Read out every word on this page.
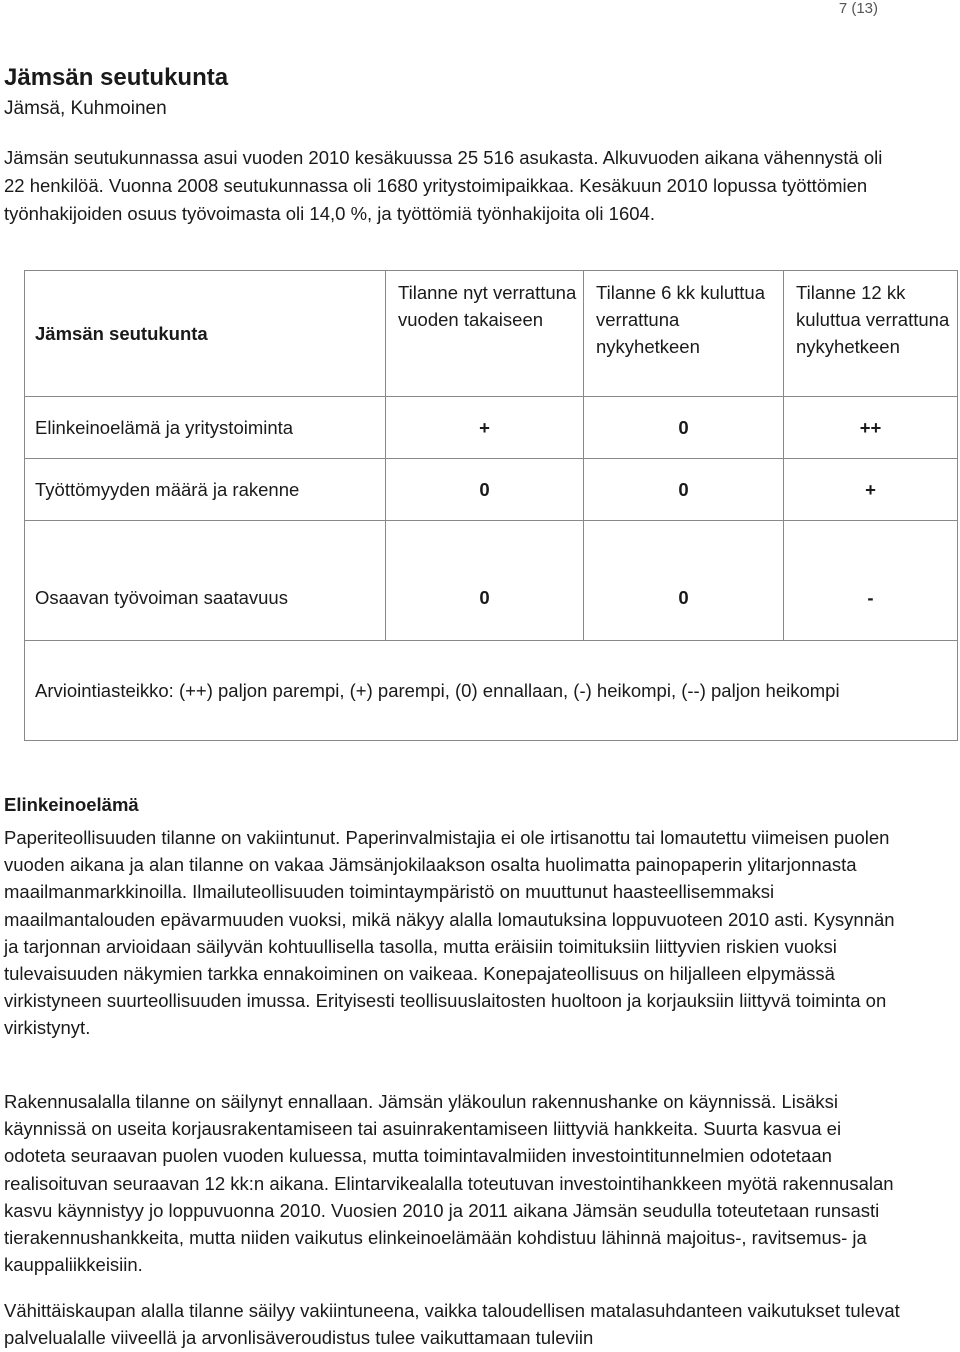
7 (13)
Jämsän seutukunta
Jämsä, Kuhmoinen

Jämsän seutukunnassa asui vuoden 2010 kesäkuussa 25 516 asukasta. Alkuvuoden aikana vähennystä oli 22 henkilöä. Vuonna 2008 seutukunnassa oli 1680 yritystoimipaikkaa. Kesäkuun 2010 lopussa työttömien työnhakijoiden osuus työvoimasta oli 14,0 %, ja työttömiä työnhakijoita oli 1604.

Jämsän seutukunta	Tilanne nyt verrattuna vuoden takaiseen	Tilanne 6 kk kuluttua verrattuna nykyhetkeen	Tilanne 12 kk kuluttua verrattuna nykyhetkeen
Elinkeinoelämä ja yritystoiminta	+	0	++
Työttömyyden määrä ja rakenne	0	0	+

Osaavan työvoiman saatavuus	0	0	-

Arviointiasteikko: (++) paljon parempi, (+) parempi, (0) ennallaan, (-) heikompi, (--) paljon heikompi			
Elinkeinoelämä

Paperiteollisuuden tilanne on vakiintunut. Paperinvalmistajia ei ole irtisanottu tai lomautettu viimeisen puolen vuoden aikana ja alan tilanne on vakaa Jämsänjokilaakson osalta huolimatta painopaperin ylitarjonnasta maailmanmarkkinoilla. Ilmailuteollisuuden toimintaympäristö on muuttunut haasteellisemmaksi maailmantalouden epävarmuuden vuoksi, mikä näkyy alalla lomautuksina loppuvuoteen 2010 asti. Kysynnän ja tarjonnan arvioidaan säilyvän kohtuullisella tasolla, mutta eräisiin toimituksiin liittyvien riskien vuoksi tulevaisuuden näkymien tarkka ennakoiminen on vaikeaa. Konepajateollisuus on hiljalleen elpymässä virkistyneen suurteollisuuden imussa. Erityisesti teollisuuslaitosten huoltoon ja korjauksiin liittyvä toiminta on virkistynyt.

Rakennusalalla tilanne on säilynyt ennallaan. Jämsän yläkoulun rakennushanke on käynnissä. Lisäksi käynnissä on useita korjausrakentamiseen tai asuinrakentamiseen liittyviä hankkeita. Suurta kasvua ei odoteta seuraavan puolen vuoden kuluessa, mutta toimintavalmiiden investointitunnelmien odotetaan realisoituvan seuraavan 12 kk:n aikana. Elintarvikealalla toteutuvan investointihankkeen myötä rakennusalan kasvu käynnistyy jo loppuvuonna 2010. Vuosien 2010 ja 2011 aikana Jämsän seudulla toteutetaan runsasti tierakennushankkeita, mutta niiden vaikutus elinkeinoelämään kohdistuu lähinnä majoitus-, ravitsemus- ja kauppaliikkeisiin.

Vähittäiskaupan alalla tilanne säilyy vakiintuneena, vaikka taloudellisen matalasuhdanteen vaikutukset tulevat palvelualalle viiveellä ja arvonlisäveroudistus tulee vaikuttamaan tuleviin
